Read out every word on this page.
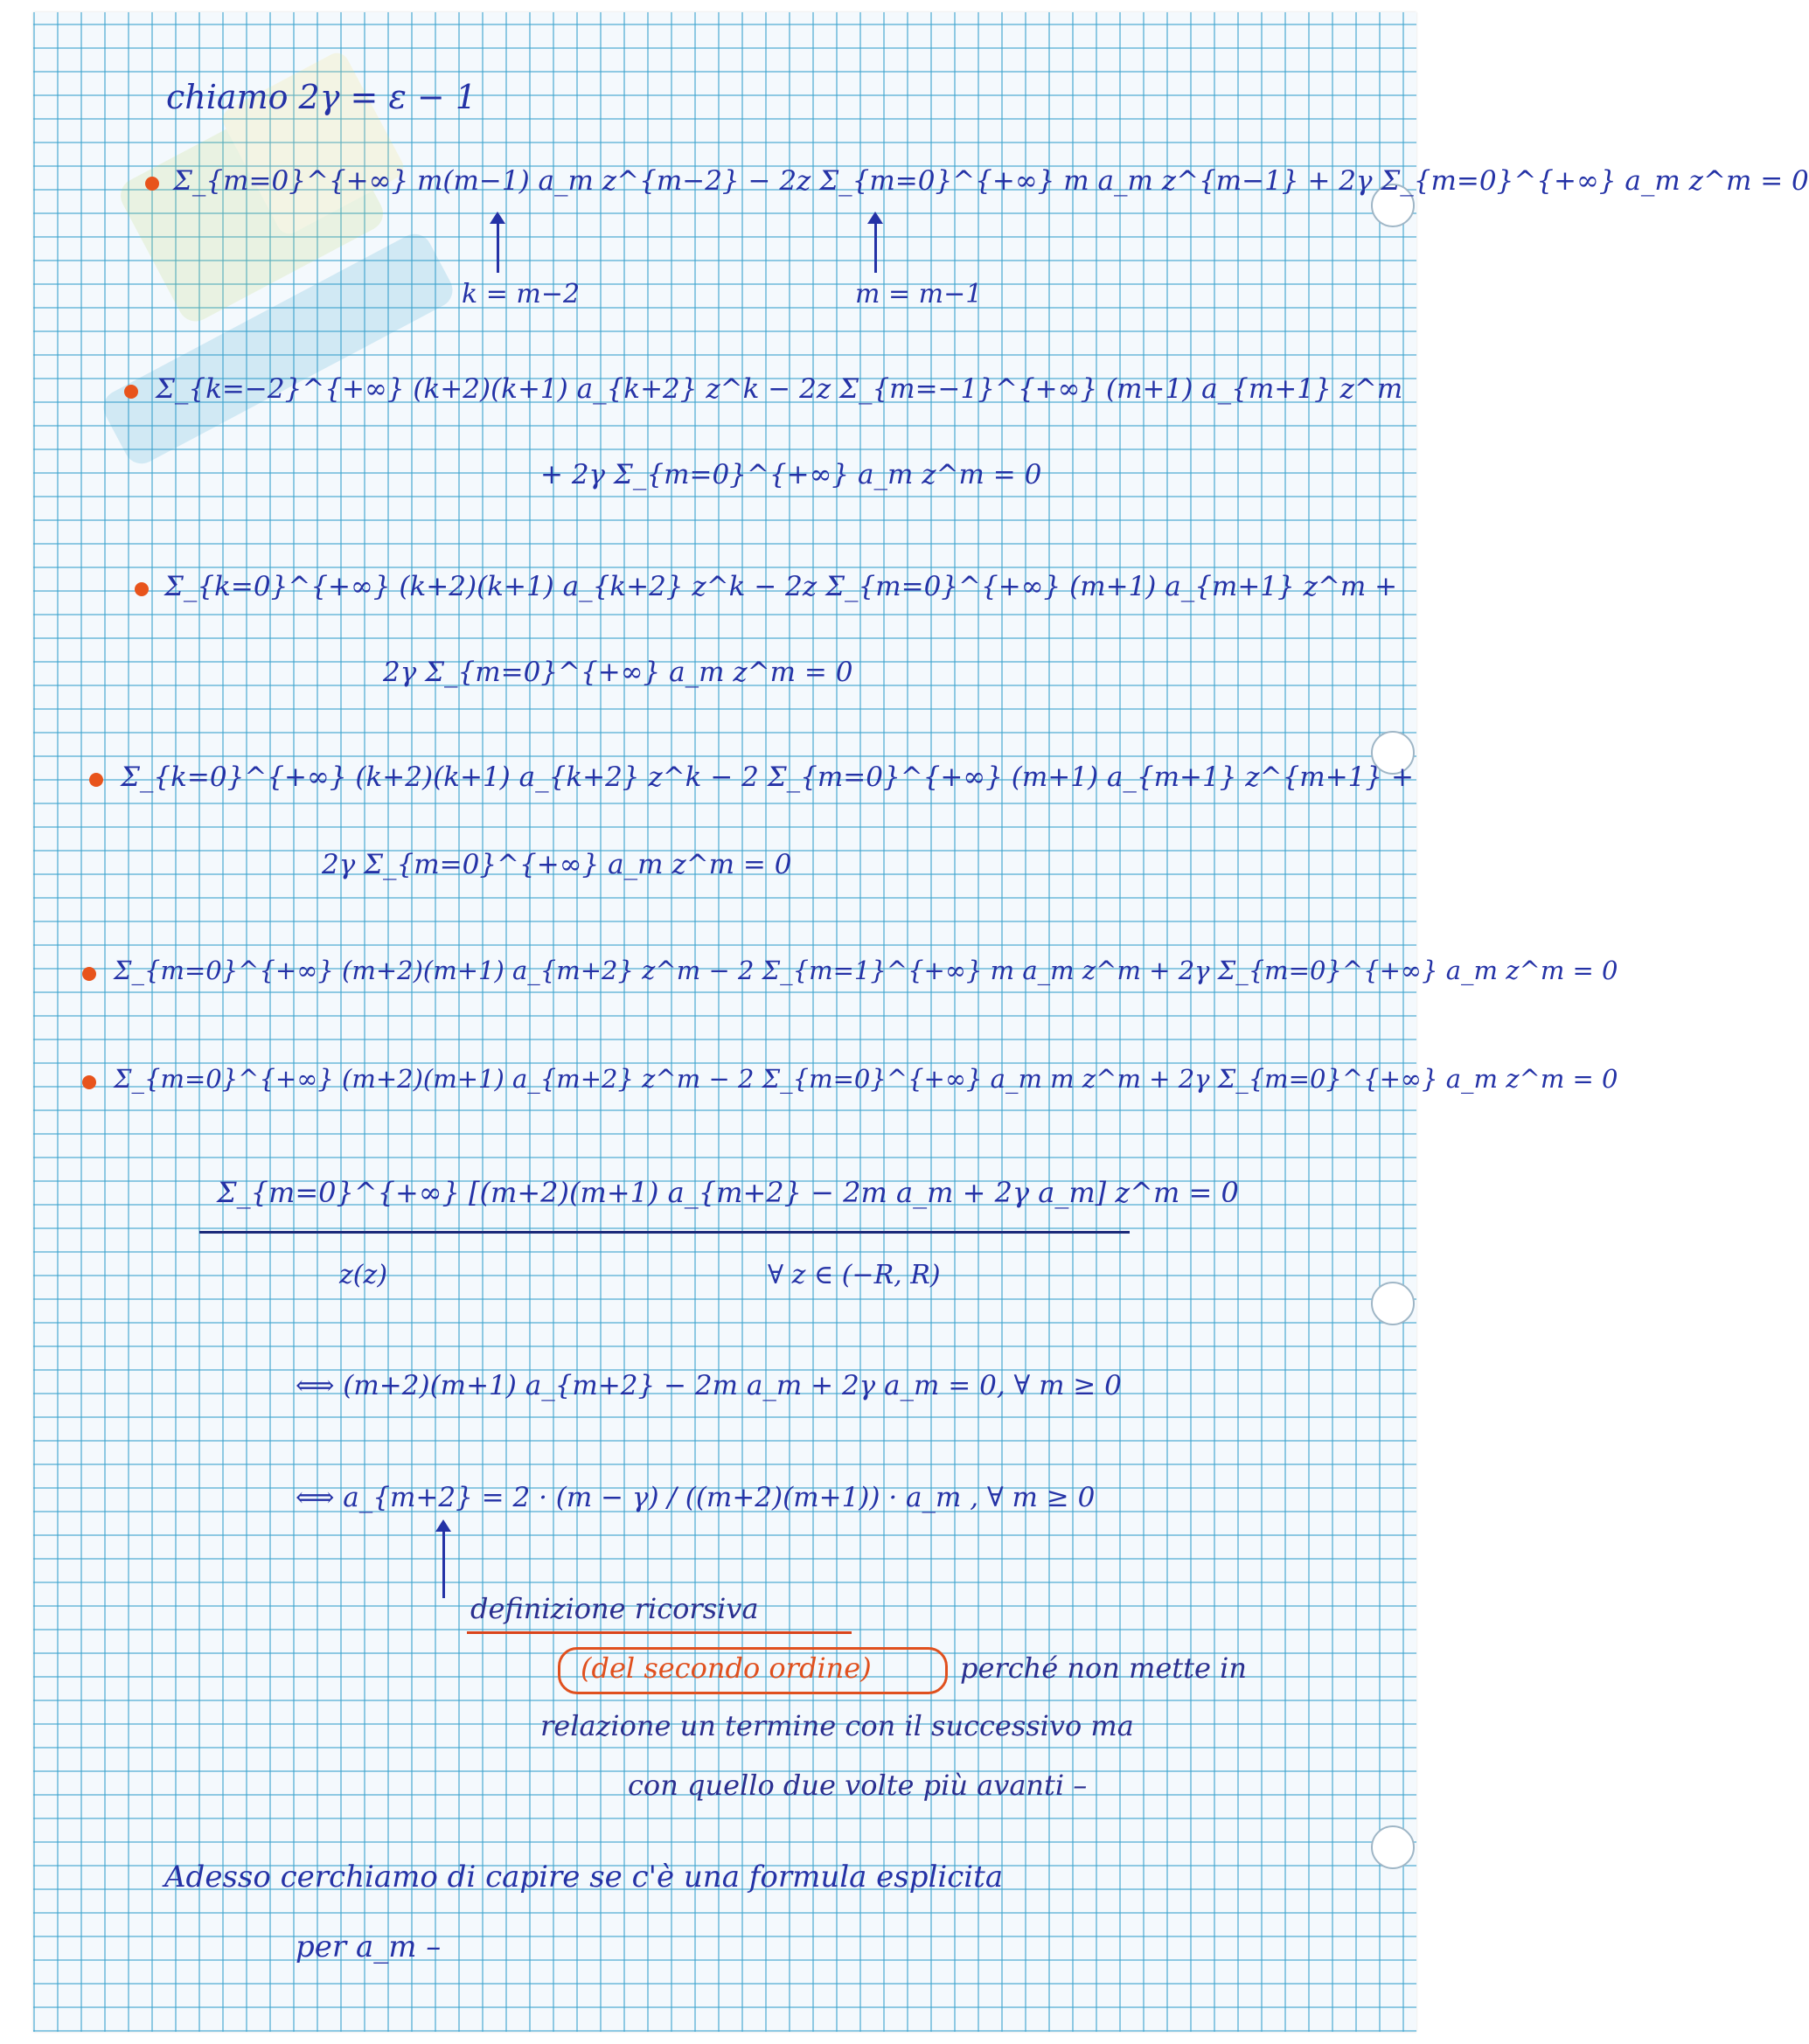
chiamo 2γ = ε − 1
Σ_{m=0}^{+∞} m(m−1) a_m z^{m−2} − 2z Σ_{m=0}^{+∞} m a_m z^{m−1} + 2γ Σ_{m=0}^{+∞} a_m z^m = 0
k = m−2	m = m−1
Σ_{k=−2}^{+∞} (k+2)(k+1) a_{k+2} z^k − 2z Σ_{m=−1}^{+∞} (m+1) a_{m+1} z^m
+ 2γ Σ_{m=0}^{+∞} a_m z^m = 0
Σ_{k=0}^{+∞} (k+2)(k+1) a_{k+2} z^k − 2z Σ_{m=0}^{+∞} (m+1) a_{m+1} z^m +
2γ Σ_{m=0}^{+∞} a_m z^m = 0
Σ_{k=0}^{+∞} (k+2)(k+1) a_{k+2} z^k − 2 Σ_{m=0}^{+∞} (m+1) a_{m+1} z^{m+1} +
2γ Σ_{m=0}^{+∞} a_m z^m = 0
Σ_{m=0}^{+∞} (m+2)(m+1) a_{m+2} z^m − 2 Σ_{m=1}^{+∞} m a_m z^m + 2γ Σ_{m=0}^{+∞} a_m z^m = 0
Σ_{m=0}^{+∞} (m+2)(m+1) a_{m+2} z^m − 2 Σ_{m=0}^{+∞} a_m m z^m + 2γ Σ_{m=0}^{+∞} a_m z^m = 0
Σ_{m=0}^{+∞} [(m+2)(m+1) a_{m+2} − 2m a_m + 2γ a_m] z^m = 0
z(z)	∀ z ∈ (−R, R)
⟺ (m+2)(m+1) a_{m+2} − 2m a_m + 2γ a_m = 0, ∀ m ≥ 0
⟺ a_{m+2} = 2 · (m − γ) / ((m+2)(m+1)) · a_m , ∀ m ≥ 0
definizione ricorsiva
(del secondo ordine)	perché non mette in
relazione un termine con il successivo ma
con quello due volte più avanti –
Adesso cerchiamo di capire se c'è una formula esplicita
per a_m –
